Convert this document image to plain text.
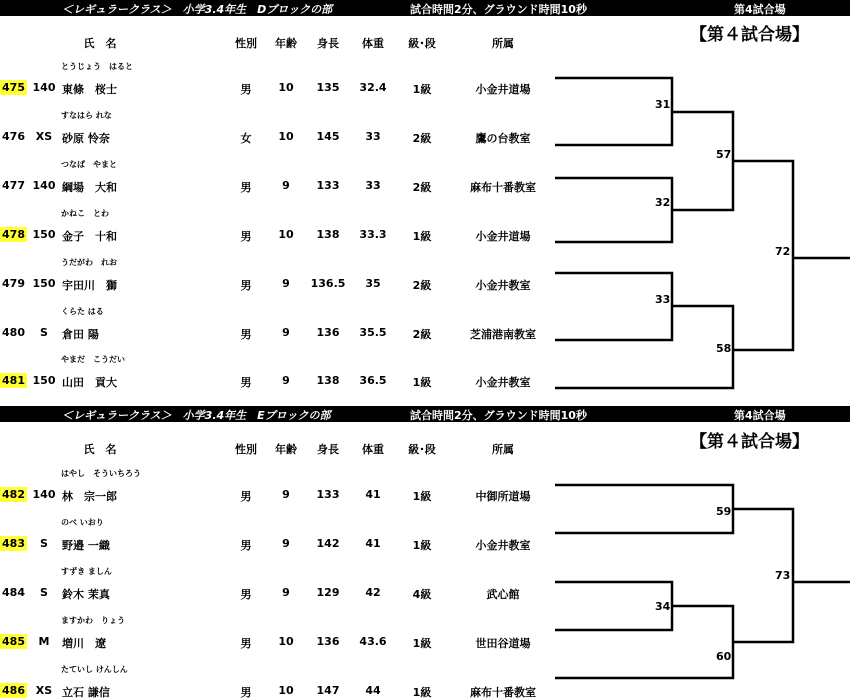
＜レギュラークラス＞　小学3.4年生　Dブロックの部	試合時間2分、グラウンド時間10秒	第4試合場
【第４試合場】
氏　名	性別 年齢 身長 体重 級･段	所属
475 140
とうじょう　はると
東條　桜士	男 10 135 32.4 1級	小金井道場
476 XS
すなはら れな
砂原 怜奈	女 10 145 33	2級	鷹の台教室
477 140
つなば　やまと
綱場　大和	男	9 133 33	2級	麻布十番教室
478 150
かねこ　とわ
金子　十和	男 10 138 33.3 1級	小金井道場
479 150
うだがわ　れお
宇田川　獅	男	9 136.5 35	2級	小金井教室
480 S
くらた はる
倉田 陽	男	9 136 35.5 2級	芝浦港南教室
481 150
やまだ　こうだい
山田　貢大	男	9 138 36.5 1級	小金井教室
＜レギュラークラス＞　小学3.4年生　Eブロックの部	試合時間2分、グラウンド時間10秒	第4試合場
【第４試合場】
氏　名	性別 年齢 身長 体重 級･段	所属
482 140
はやし　そういちろう
林　宗一郎	男	9 133 41	1級	中御所道場
483 S
のべ いおり
野邉 一織	男	9 142 41	1級	小金井教室
484 S
すずき ましん
鈴木 茉真	男	9 129 42	4級	武心館
485 M
ますかわ　りょう
増川　遼	男 10 136 43.6 1級	世田谷道場
486 XS
たていし けんしん
立石 謙信	男 10 147 44	1級	麻布十番教室
31
57
32
72
33
58
59
73
34
60
